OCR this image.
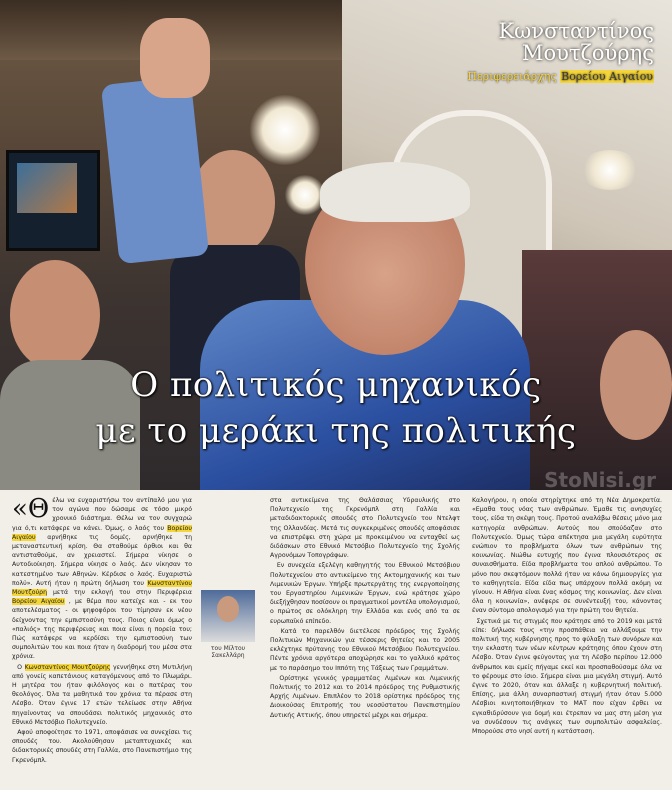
Κωνσταντίνος
Μουτζούρης
Περιφερειάρχης Βορείου Αιγαίου
Ο πολιτικός μηχανικός
με το μεράκι της πολιτικής
StoNisi.gr

«Θ έλω να ευχαριστήσω τον αντίπαλό μου για τον αγώνα που δώσαμε σε τόσο μικρό χρονικό διάστημα. Θέλω να τον συγχαρώ για ό,τι κατάφερε να κάνει. Όμως, ο λαός του Βορείου Αιγαίου αρνήθηκε τις δομές, αρνήθηκε τη μεταναστευτική κρίση. Θα σταθούμε όρθιοι και θα αντισταθούμε, αν χρειαστεί. Σήμερα νίκησε ο Αυτοδιοίκηση. Σήμερα νίκησε ο λαός. Δεν νίκησαν το κατεστημένο των Αθηνών. Κέρδισε ο λαός. Ευχαριστώ πολύ». Αυτή ήταν η πρώτη δήλωση του Κωνσταντίνου Μουτζούρη μετά την εκλογή του στην Περιφέρεια Βορείου Αιγαίου , με θέμα που κατείχε και - εκ του αποτελέσματος - οι ψηφοφόροι του τίμησαν εκ νέου δείχνοντας την εμπιστοσύνη τους. Ποιος είναι όμως ο «παλιός» της περιφέρειας και ποια είναι η πορεία του; Πώς κατάφερε να κερδίσει την εμπιστοσύνη των συμπολιτών του και ποια ήταν η διαδρομή του μέσα στα χρόνια.

Ο Κωνσταντίνος Μουτζούρης γεννήθηκε στη Μυτιλήνη από γονείς καπετάνιους καταγόμενους από το Πλωμάρι. Η μητέρα του ήταν φιλόλογος και ο πατέρας του θεολόγος. Όλα τα μαθητικά του χρόνια τα πέρασε στη Λέσβο. Όταν έγινε 17 ετών τελείωσε στην Αθήνα πηγαίνοντας να σπουδάσει πολιτικός μηχανικός στο Εθνικό Μετσόβιο Πολυτεχνείο.

Αφού αποφοίτησε το 1971, αποφάσισε να συνεχίσει τις σπουδές του. Ακολούθησαν μεταπτυχιακές και διδακτορικές σπουδές στη Γαλλία, στο Πανεπιστήμιο της Γκρενόμπλ.

του Μίλτου
Σακελλάρη

στα αντικείμενα της Θαλάσσιας Υδραυλικής στο Πολυτεχνείο της Γκρενόμπλ στη Γαλλία και μεταδιδακτορικές σπουδές στο Πολυτεχνείο του Ντελφτ της Ολλανδίας. Μετά τις συγκεκριμένες σπουδές αποφάσισε να επιστρέψει στη χώρα με προκειμένου να ενταχθεί ως διδάσκων στο Εθνικό Μετσόβιο Πολυτεχνείο της Σχολής Αγρονόμων Τοπογράφων.

Εν συνεχεία εξελέγη καθηγητής του Εθνικού Μετσόβιου Πολυτεχνείου στο αντικείμενο της Ακτομηχανικής και των Λιμενικών Έργων. Υπήρξε πρωτεργάτης της ενεργοποίησης του Εργαστηρίου Λιμενικών Έργων, ενώ κράτησε χώρο διεξήχθησαν ποσίσουν οι πραγματικοί μοντέλα υπολογισμού, ο πρώτος σε ολόκληρη την Ελλάδα και ενός από τα σε ευρωπαϊκό επίπεδο.

Κατά το παρελθόν διετέλεσε πρόεδρος της Σχολής Πολιτικών Μηχανικών για τέσσερις θητείες και το 2005 εκλέχτηκε πρύτανης του Εθνικού Μετσόβιου Πολυτεχνείου. Πέντε χρόνια αργότερα αποχώρησε και το γαλλικό κράτος με το παράσημο του Ιππότη της Τάξεως των Γραμμάτων.

Ορίστηκε γενικός γραμματέας Λιμένων και Λιμενικής Πολιτικής το 2012 και το 2014 πρόεδρος της Ρυθμιστικής Αρχής Λιμένων. Επιπλέον το 2018 ορίστηκε πρόεδρος της Διοικούσας Επιτροπής του νεοσύστατου Πανεπιστημίου Δυτικής Αττικής, όπου υπηρετεί μέχρι και σήμερα.

Καλογήρου, η οποία στηρίχτηκε από τη Νέα Δημοκρατία. «Εμαθα τους νόας των ανθρώπων. Έμαθε τις ανησυχίες τους, είδα τη σκέψη τους. Προτού αναλάβω θέσεις μόνο μια κατηγορία ανθρώπων. Αυτούς που σπούδαζαν στο Πολυτεχνείο. Όμως τώρα απέκτησα μια μεγάλη ευρύτητα ενώπιον το προβλήματα όλων των ανθρώπων της κοινωνίας. Νιώθω ευτυχής που έγινα πλουσιότερος σε συναισθήματα. Είδα προβλήματα του απλού ανθρώπου. Το μόνο που σκεφτόμουν πολλά ήταν να κάνω δημιουργίες για το καθηγητεία. Είδα είδα πως υπάρχουν πολλά ακόμη να γίνουν. Η Αθήνα είναι ένας κόσμος της κοινωνίας. Δεν είναι όλα η κοινωνία», ανέφερε σε συνέντευξή του, κάνοντας έναν σύντομο απολογισμό για την πρώτη του θητεία.

Σχετικά με τις στιγμές που κράτησε από το 2019 και μετά είπε: δήλωσε τους «την προσπάθεια να αλλάξουμε την πολιτική της κυβέρνησης προς το φύλαξη των συνόρων και την εκλαστη των νέων κέντρων κράτησης όπου έχουν στη Λέσβο. Όταν έγινε φεύγοντας για τη Λέσβο περίπου 12.000 άνθρωποι και εμείς πήγαμε εκεί και προσπαθούσαμε όλα να το φέρουμε στο ίσιο. Σήμερα είναι μια μεγάλη στιγμή. Αυτό έγινε το 2020, όταν και άλλαξε η κυβερνητική πολιτική. Επίσης, μια άλλη συναρπαστική στιγμή ήταν όταν 5.000 Λέσβιοι κινητοποιήθηκαν το ΜΑΤ που είχαν έρθει να εγκαθιδρύσουν για δομή και έτρεπαν να μας στη μέση για να συνδέσουν τις ανάγκες των συμπολιτών ασφαλείας. Μπορούσε στο νησί αυτή η κατάσταση.
